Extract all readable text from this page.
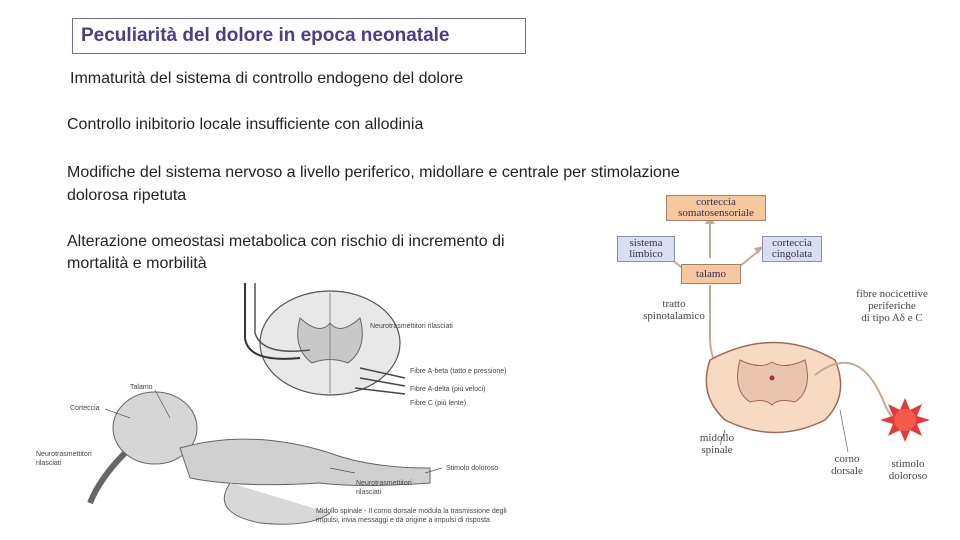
Peculiarità del dolore in epoca neonatale
Immaturità del sistema di controllo endogeno del dolore
Controllo inibitorio locale insufficiente con allodinia
Modifiche del sistema nervoso a livello periferico, midollare e centrale per stimolazione
dolorosa ripetuta
Alterazione omeostasi metabolica con rischio di incremento di
mortalità e morbilità
Neurotrasmettitori rilasciati
Fibre A-beta (tatto e pressione)
Fibre A-delta (più veloci)
Fibre C (più lente)
Talamo
Corteccia
Neurotrasmettitori
rilasciati
Stimolo doloroso
Neurotrasmettitori
rilasciati
Midollo spinale - Il corno dorsale modula la trasmissione degli
impulsi, invia messaggi e dà origine a impulsi di risposta
corteccia
somatosensoriale
sistema
limbico
corteccia
cingolata
talamo
tratto
spinotalamico
fibre nocicettive
periferiche
di tipo Aδ e C
midollo
spinale
corno
dorsale
stimolo
doloroso
